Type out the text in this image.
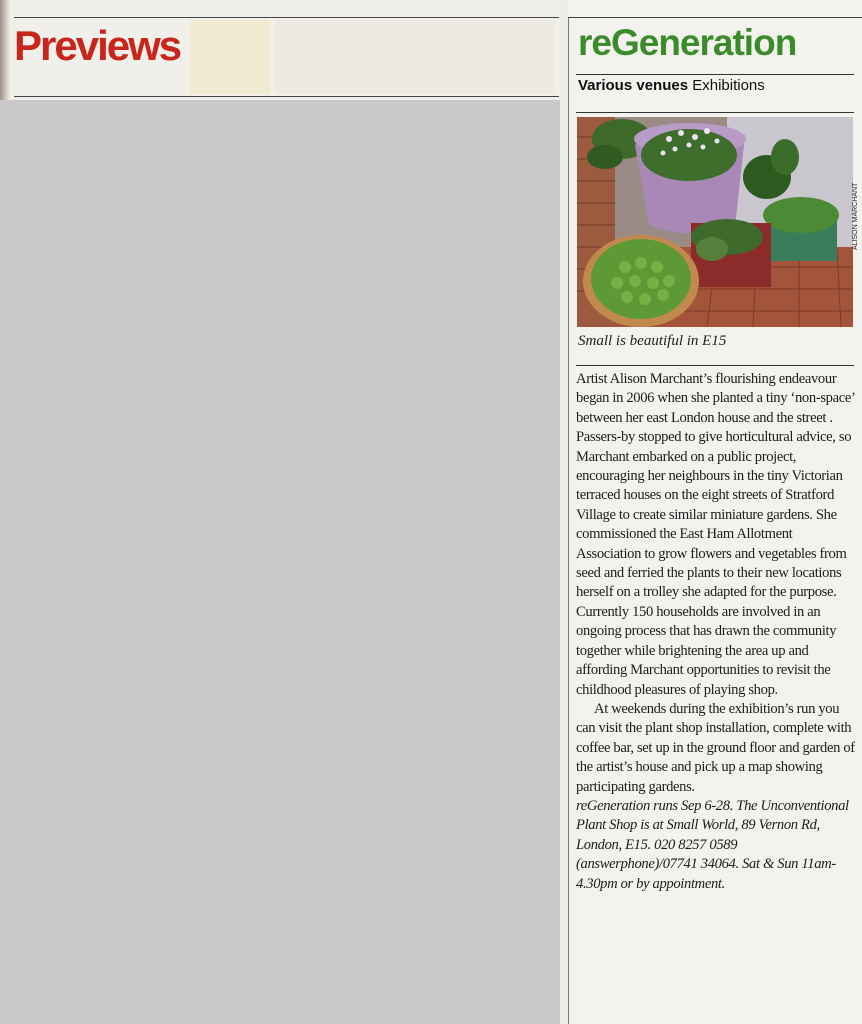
Previews	reGeneration
Various venues Exhibitions
ALISON MARCHANT
Small is beautiful in E15

Artist Alison Marchant’s flourishing endeavour began in 2006 when she planted a tiny ‘non-space’ between her east London house and the street . Passers-by stopped to give horticultural advice, so Marchant embarked on a public project, encouraging her neighbours in the tiny Victorian terraced houses on the eight streets of Stratford Village to create similar miniature gardens. She commissioned the East Ham Allotment Association to grow flowers and vegetables from seed and ferried the plants to their new locations herself on a trolley she adapted for the purpose. Currently 150 households are involved in an ongoing process that has drawn the community together while brightening the area up and affording Marchant opportunities to revisit the childhood pleasures of playing shop.

At weekends during the exhibition’s run you can visit the plant shop installation, complete with coffee bar, set up in the ground floor and garden of the artist’s house and pick up a map showing participating gardens.

reGeneration runs Sep 6-28. The Unconventional Plant Shop is at Small World, 89 Vernon Rd, London, E15. 020 8257 0589 (answerphone)/07741 34064. Sat & Sun 11am-4.30pm or by appointment.
